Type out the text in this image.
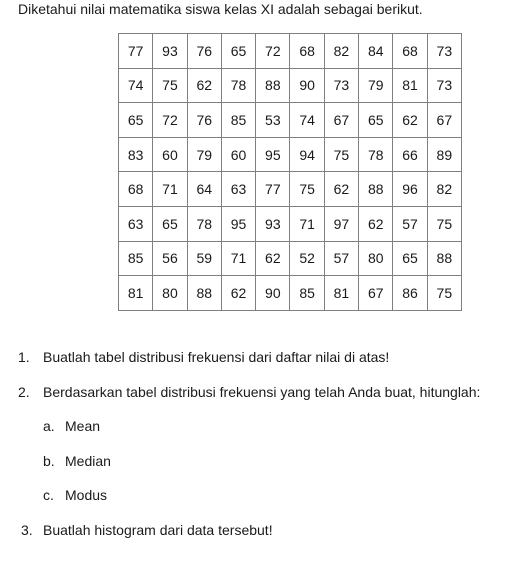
Diketahui nilai matematika siswa kelas XI adalah sebagai berikut.
77	93	76	65	72	68	82	84	68	73
74	75	62	78	88	90	73	79	81	73
65	72	76	85	53	74	67	65	62	67
83	60	79	60	95	94	75	78	66	89
68	71	64	63	77	75	62	88	96	82
63	65	78	95	93	71	97	62	57	75
85	56	59	71	62	52	57	80	65	88
81	80	88	62	90	85	81	67	86	75
1. Buatlah tabel distribusi frekuensi dari daftar nilai di atas!
2. Berdasarkan tabel distribusi frekuensi yang telah Anda buat, hitunglah:
a. Mean
b. Median
c. Modus
3. Buatlah histogram dari data tersebut!
